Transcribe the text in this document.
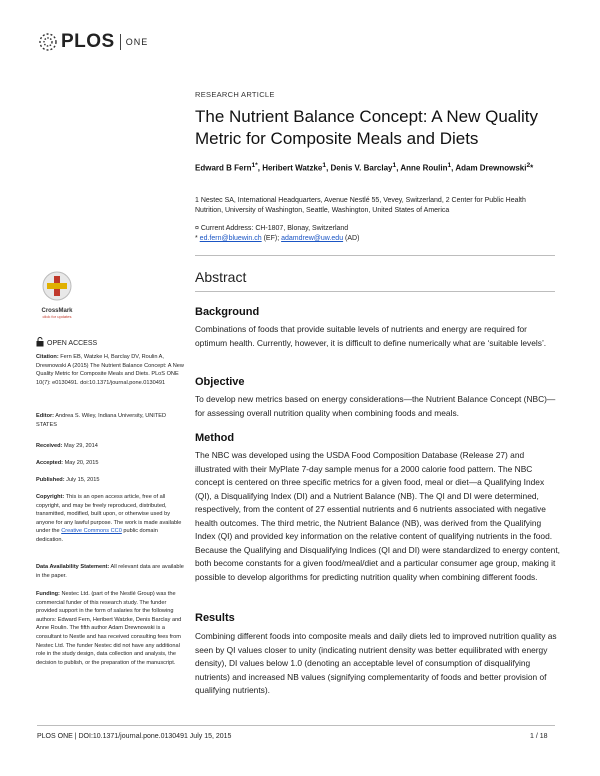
PLOS ONE
RESEARCH ARTICLE
The Nutrient Balance Concept: A New Quality Metric for Composite Meals and Diets
Edward B Fern$^{1*}$, Heribert Watzke$^1$, Denis V. Barclay$^1$, Anne Roulin$^1$, Adam Drewnowski$^2$*
1 Nestec SA, International Headquarters, Avenue Nestlé 55, Vevey, Switzerland, 2 Center for Public Health Nutrition, University of Washington, Seattle, Washington, United States of America
¤ Current Address: CH-1807, Blonay, Switzerland
* ed.fern@bluewin.ch (EF); adamdrew@uw.edu (AD)
Abstract
Background
Combinations of foods that provide suitable levels of nutrients and energy are required for optimum health. Currently, however, it is difficult to define numerically what are ‘suitable levels’.
Objective
To develop new metrics based on energy considerations—the Nutrient Balance Concept (NBC)—for assessing overall nutrition quality when combining foods and meals.
Method
The NBC was developed using the USDA Food Composition Database (Release 27) and illustrated with their MyPlate 7-day sample menus for a 2000 calorie food pattern. The NBC concept is centered on three specific metrics for a given food, meal or diet—a Qualifying Index (QI), a Disqualifying Index (DI) and a Nutrient Balance (NB). The QI and DI were determined, respectively, from the content of 27 essential nutrients and 6 nutrients associated with negative health outcomes. The third metric, the Nutrient Balance (NB), was derived from the Qualifying Index (QI) and provided key information on the relative content of qualifying nutrients in the food. Because the Qualifying and Disqualifying Indices (QI and DI) were standardized to energy content, both become constants for a given food/meal/diet and a particular consumer age group, making it possible to develop algorithms for predicting nutrition quality when combining different foods.
Results
Combining different foods into composite meals and daily diets led to improved nutrition quality as seen by QI values closer to unity (indicating nutrient density was better equilibrated with energy density), DI values below 1.0 (denoting an acceptable level of consumption of disqualifying nutrients) and increased NB values (signifying complementarity of foods and better provision of qualifying nutrients).
CrossMark
click for updates
OPEN ACCESS
Citation: Fern EB, Watzke H, Barclay DV, Roulin A, Drewnowski A (2015) The Nutrient Balance Concept: A New Quality Metric for Composite Meals and Diets. PLoS ONE 10(7): e0130491. doi:10.1371/journal.pone.0130491
Editor: Andrea S. Wiley, Indiana University, UNITED STATES
Received: May 29, 2014
Accepted: May 20, 2015
Published: July 15, 2015
Copyright: This is an open access article, free of all copyright, and may be freely reproduced, distributed, transmitted, modified, built upon, or otherwise used by anyone for any lawful purpose. The work is made available under the Creative Commons CC0 public domain dedication.
Data Availability Statement: All relevant data are available in the paper.
Funding: Nestec Ltd. (part of the Nestlé Group) was the commercial funder of this research study. The funder provided support in the form of salaries for the following authors: Edward Fern, Heribert Watzke, Denis Barclay and Anne Roulin. The fifth author Adam Drewnowski is a consultant to Nestle and has received consulting fees from Nestec Ltd. The funder Nestec did not have any additional role in the study design, data collection and analysis, the decision to publish, or the preparation of the manuscript.
PLOS ONE | DOI:10.1371/journal.pone.0130491 July 15, 2015	1 / 18
